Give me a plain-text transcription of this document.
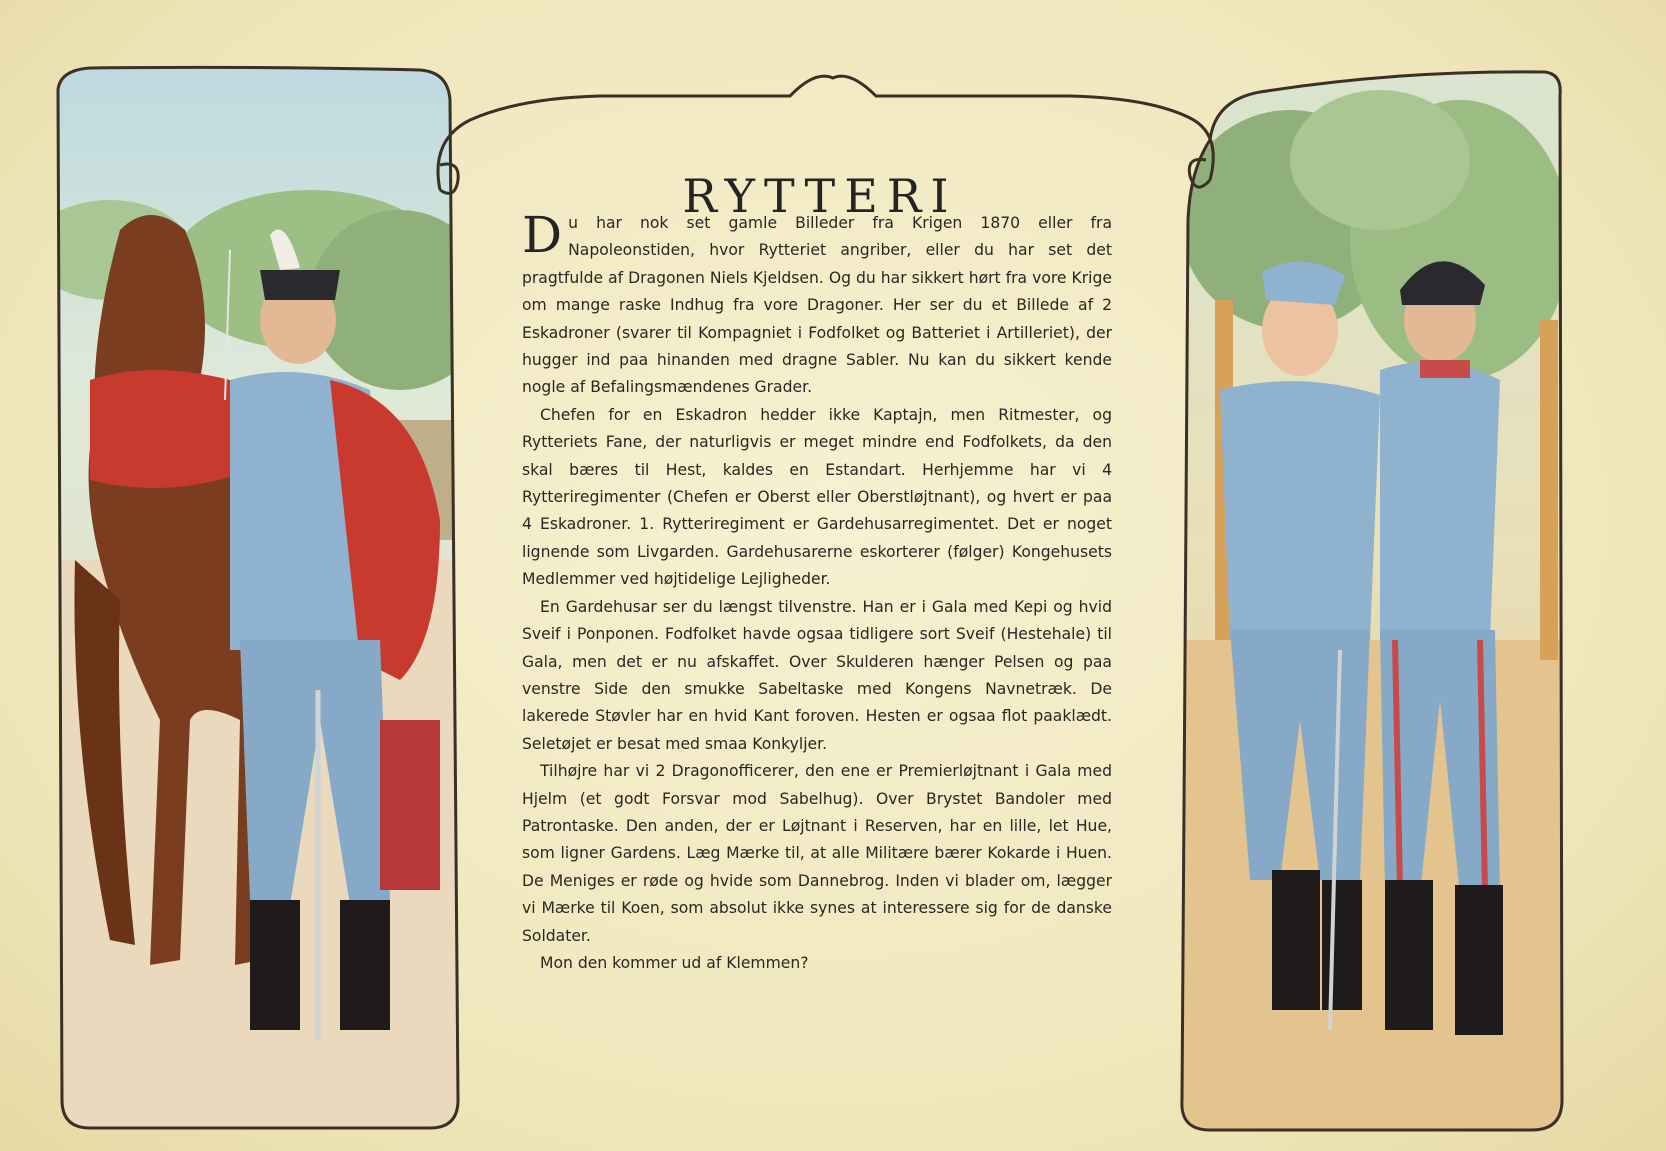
RYTTERI

Du har nok set gamle Billeder fra Krigen 1870 eller fra Napoleonstiden, hvor Rytteriet angriber, eller du har set det pragtfulde af Dragonen Niels Kjeldsen. Og du har sikkert hørt fra vore Krige om mange raske Indhug fra vore Dragoner. Her ser du et Billede af 2 Eskadroner (svarer til Kompagniet i Fodfolket og Batteriet i Artilleriet), der hugger ind paa hinanden med dragne Sabler. Nu kan du sikkert kende nogle af Befalingsmændenes Grader.

Chefen for en Eskadron hedder ikke Kaptajn, men Ritmester, og Rytteriets Fane, der naturligvis er meget mindre end Fodfolkets, da den skal bæres til Hest, kaldes en Estandart. Herhjemme har vi 4 Rytteriregimenter (Chefen er Oberst eller Oberstløjtnant), og hvert er paa 4 Eskadroner. 1. Rytteriregiment er Gardehusarregimentet. Det er noget lignende som Livgarden. Gardehusarerne eskorterer (følger) Kongehusets Medlemmer ved højtidelige Lejligheder.

En Gardehusar ser du længst tilvenstre. Han er i Gala med Kepi og hvid Sveif i Ponponen. Fodfolket havde ogsaa tidligere sort Sveif (Hestehale) til Gala, men det er nu afskaffet. Over Skulderen hænger Pelsen og paa venstre Side den smukke Sabeltaske med Kongens Navnetræk. De lakerede Støvler har en hvid Kant foroven. Hesten er ogsaa flot paaklædt. Seletøjet er besat med smaa Konkyljer.

Tilhøjre har vi 2 Dragonofficerer, den ene er Premierløjtnant i Gala med Hjelm (et godt Forsvar mod Sabelhug). Over Brystet Bandoler med Patrontaske. Den anden, der er Løjtnant i Reserven, har en lille, let Hue, som ligner Gardens. Læg Mærke til, at alle Militære bærer Kokarde i Huen. De Meniges er røde og hvide som Dannebrog. Inden vi blader om, lægger vi Mærke til Koen, som absolut ikke synes at interessere sig for de danske Soldater.

Mon den kommer ud af Klemmen?
